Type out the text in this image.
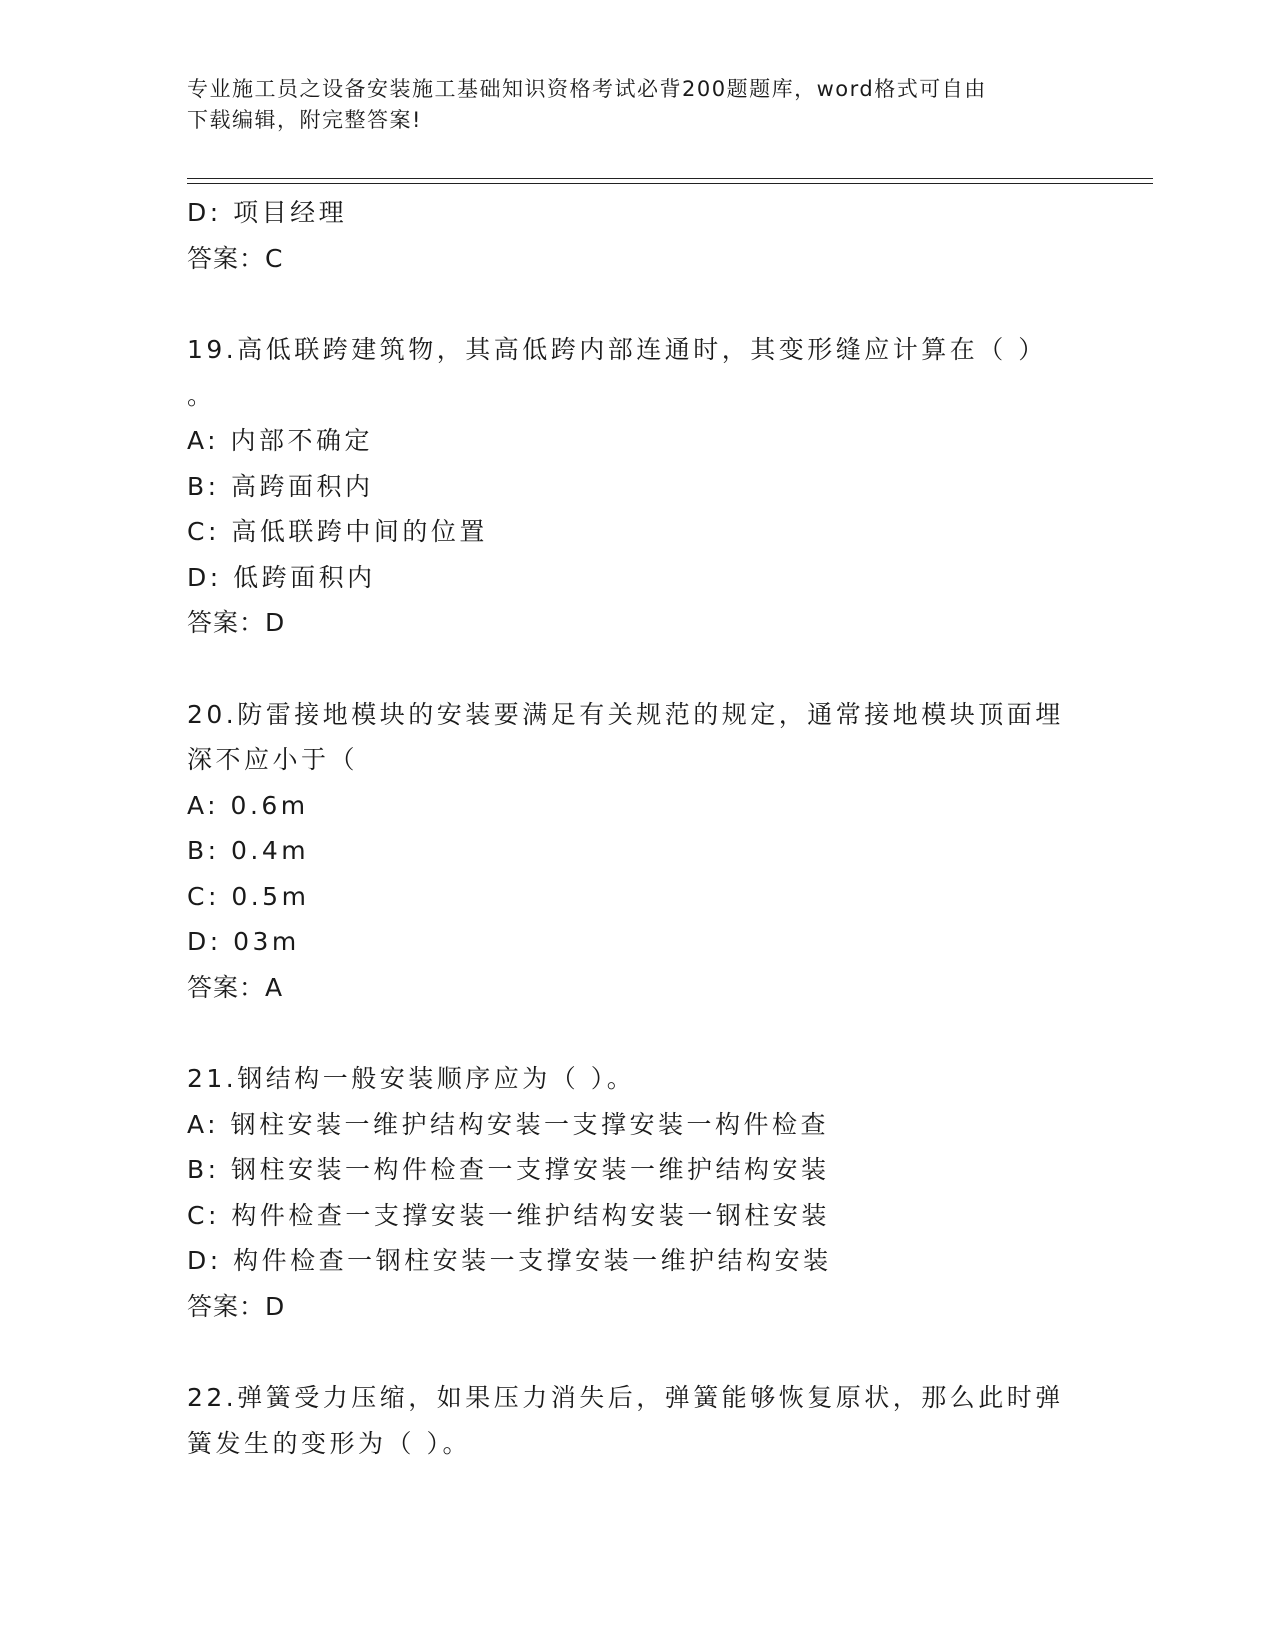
专业施工员之设备安装施工基础知识资格考试必背200题题库，word格式可自由
下载编辑，附完整答案!
D: 项目经理
答案：C
19.高低联跨建筑物，其高低跨内部连通时，其变形缝应计算在（ ）
。
A: 内部不确定
B: 高跨面积内
C: 高低联跨中间的位置
D: 低跨面积内
答案：D
20.防雷接地模块的安装要满足有关规范的规定，通常接地模块顶面埋
深不应小于（
A: 0.6m
B: 0.4m
C: 0.5m
D: 03m
答案：A
21.钢结构一般安装顺序应为（ ）。
A: 钢柱安装一维护结构安装一支撑安装一构件检查
B: 钢柱安装一构件检查一支撑安装一维护结构安装
C: 构件检查一支撑安装一维护结构安装一钢柱安装
D: 构件检查一钢柱安装一支撑安装一维护结构安装
答案：D
22.弹簧受力压缩，如果压力消失后，弹簧能够恢复原状，那么此时弹
簧发生的变形为（ ）。
